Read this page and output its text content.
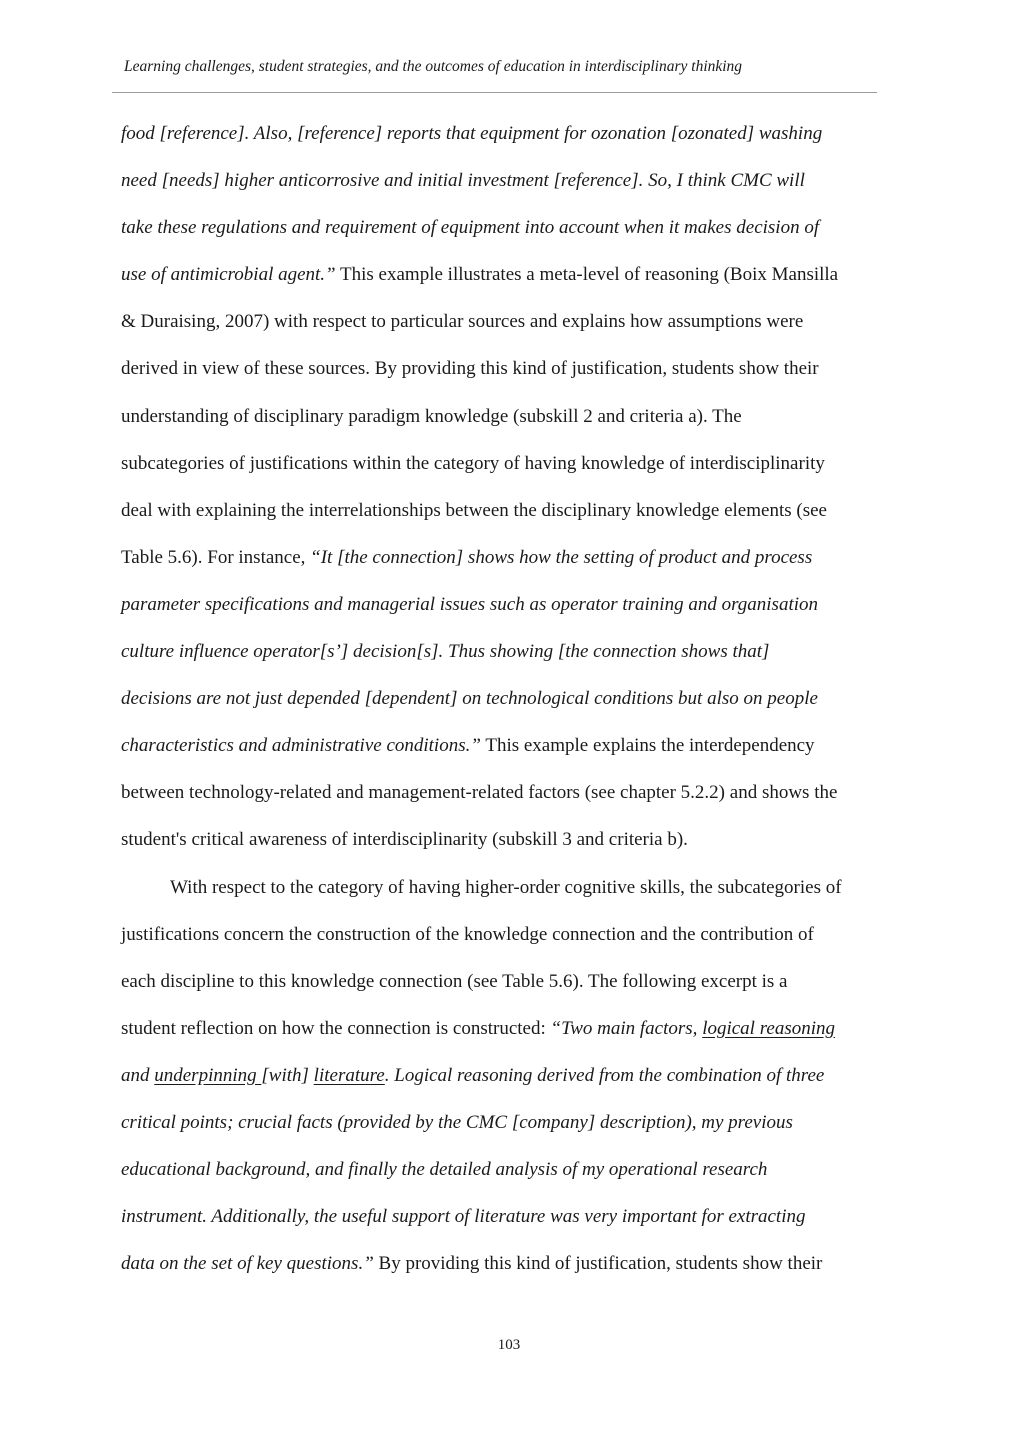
Learning challenges, student strategies, and the outcomes of education in interdisciplinary thinking
food [reference]. Also, [reference] reports that equipment for ozonation [ozonated] washing
need [needs] higher anticorrosive and initial investment [reference]. So, I think CMC will
take these regulations and requirement of equipment into account when it makes decision of
use of antimicrobial agent.” This example illustrates a meta-level of reasoning (Boix Mansilla
& Duraising, 2007) with respect to particular sources and explains how assumptions were
derived in view of these sources. By providing this kind of justification, students show their
understanding of disciplinary paradigm knowledge (subskill 2 and criteria a). The
subcategories of justifications within the category of having knowledge of interdisciplinarity
deal with explaining the interrelationships between the disciplinary knowledge elements (see
Table 5.6). For instance, “It [the connection] shows how the setting of product and process
parameter specifications and managerial issues such as operator training and organisation
culture influence operator[s’] decision[s]. Thus showing [the connection shows that]
decisions are not just depended [dependent] on technological conditions but also on people
characteristics and administrative conditions.” This example explains the interdependency
between technology-related and management-related factors (see chapter 5.2.2) and shows the
student's critical awareness of interdisciplinarity (subskill 3 and criteria b).
With respect to the category of having higher-order cognitive skills, the subcategories of
justifications concern the construction of the knowledge connection and the contribution of
each discipline to this knowledge connection (see Table 5.6). The following excerpt is a
student reflection on how the connection is constructed: “Two main factors, logical reasoning
and underpinning [with] literature. Logical reasoning derived from the combination of three
critical points; crucial facts (provided by the CMC [company] description), my previous
educational background, and finally the detailed analysis of my operational research
instrument. Additionally, the useful support of literature was very important for extracting
data on the set of key questions.” By providing this kind of justification, students show their
103
